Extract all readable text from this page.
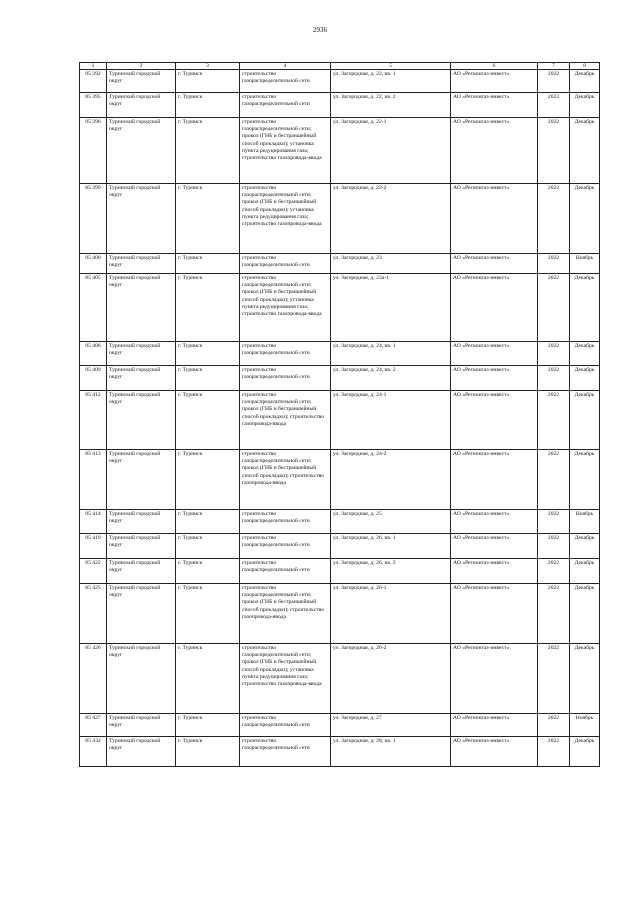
2936
1	2	3	4	5	6	7	8
85 392	Туринский городской округ	г. Туринск	строительство газораспределительной сети	ул. Загородная, д. 22, кв. 1	АО «Регионгаз-инвест»	2022	Декабрь
85 395	Туринский городской округ	г. Туринск	строительство газораспределительной сети	ул. Загородная, д. 22, кв. 2	АО «Регионгаз-инвест»	2022	Декабрь
85 396	Туринский городской округ	г. Туринск	строительство газораспределительной сети; прокол (ГНБ и бестраншейный способ прокладки); установка пункта редуцирования газа; строительство газопровода-ввода	ул. Загородная, д. 22-1	АО «Регионгаз-инвест»	2022	Декабрь
85 399	Туринский городской округ	г. Туринск	строительство газораспределительной сети; прокол (ГНБ и бестраншейный способ прокладки); установка пункта редуцирования газа; строительство газопровода-ввода	ул. Загородная, д. 22-2	АО «Регионгаз-инвест»	2022	Декабрь
85 400	Туринский городской округ	г. Туринск	строительство газораспределительной сети	ул. Загородная, д. 23	АО «Регионгаз-инвест»	2022	Ноябрь
85 405	Туринский городской округ	г. Туринск	строительство газораспределительной сети; прокол (ГНБ и бестраншейный способ прокладки); установка пункта редуцирования газа; строительство газопровода-ввода	ул. Загородная, д. 23а-1	АО «Регионгаз-инвест»	2022	Декабрь
85 406	Туринский городской округ	г. Туринск	строительство газораспределительной сети	ул. Загородная, д. 24, кв. 1	АО «Регионгаз-инвест»	2022	Декабрь
85 409	Туринский городской округ	г. Туринск	строительство газораспределительной сети	ул. Загородная, д. 24, кв. 2	АО «Регионгаз-инвест»	2022	Декабрь
85 412	Туринский городской округ	г. Туринск	строительство газораспределительной сети; прокол (ГНБ и бестраншейный способ прокладки); строительство газопровода-ввода	ул. Загородная, д. 24-1	АО «Регионгаз-инвест»	2022	Декабрь
85 413	Туринский городской округ	г. Туринск	строительство газораспределительной сети; прокол (ГНБ и бестраншейный способ прокладки); строительство газопровода-ввода	ул. Загородная, д. 24-2	АО «Регионгаз-инвест»	2022	Декабрь
85 414	Туринский городской округ	г. Туринск	строительство газораспределительной сети	ул. Загородная, д. 25	АО «Регионгаз-инвест»	2022	Ноябрь
85 419	Туринский городской округ	г. Туринск	строительство газораспределительной сети	ул. Загородная, д. 26, кв. 1	АО «Регионгаз-инвест»	2022	Декабрь
85 422	Туринский городской округ	г. Туринск	строительство газораспределительной сети	ул. Загородная, д. 26, кв. 2	АО «Регионгаз-инвест»	2022	Декабрь
85 425	Туринский городской округ	г. Туринск	строительство газораспределительной сети; прокол (ГНБ и бестраншейный способ прокладки); строительство газопровода-ввода	ул. Загородная, д. 26-1	АО «Регионгаз-инвест»	2022	Декабрь
85 426	Туринский городской округ	г. Туринск	строительство газораспределительной сети; прокол (ГНБ и бестраншейный способ прокладки); установка пункта редуцирования газа; строительство газопровода-ввода	ул. Загородная, д. 26-2	АО «Регионгаз-инвест»	2022	Декабрь
85 427	Туринский городской округ	г. Туринск	строительство газораспределительной сети	ул. Загородная, д. 27	АО «Регионгаз-инвест»	2022	Ноябрь
85 432	Туринский городской округ	г. Туринск	строительство газораспределительной сети	ул. Загородная, д. 28, кв. 1	АО «Регионгаз-инвест»	2022	Декабрь
